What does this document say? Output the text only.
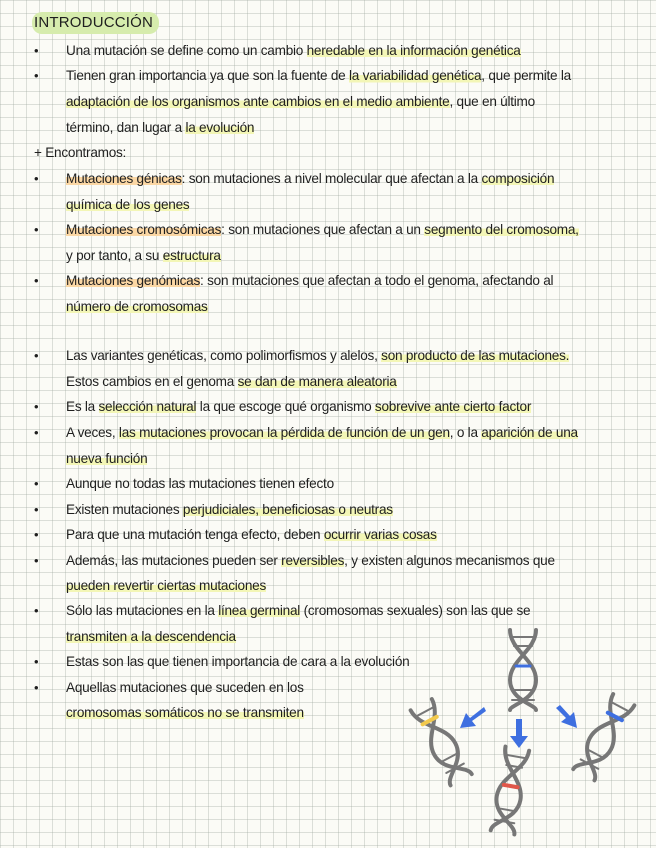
INTRODUCCIÓN
• Una mutación se define como un cambio heredable en la información genética
• Tienen gran importancia ya que son la fuente de la variabilidad genética, que permite la
adaptación de los organismos ante cambios en el medio ambiente, que en último
término, dan lugar a la evolución
+ Encontramos:
• Mutaciones génicas: son mutaciones a nivel molecular que afectan a la composición
química de los genes
• Mutaciones cromosómicas: son mutaciones que afectan a un segmento del cromosoma,
y por tanto, a su estructura
• Mutaciones genómicas: son mutaciones que afectan a todo el genoma, afectando al
número de cromosomas
• Las variantes genéticas, como polimorfismos y alelos, son producto de las mutaciones.
Estos cambios en el genoma se dan de manera aleatoria
• Es la selección natural la que escoge qué organismo sobrevive ante cierto factor
• A veces, las mutaciones provocan la pérdida de función de un gen, o la aparición de una
nueva función
• Aunque no todas las mutaciones tienen efecto
• Existen mutaciones perjudiciales, beneficiosas o neutras
• Para que una mutación tenga efecto, deben ocurrir varias cosas
• Además, las mutaciones pueden ser reversibles, y existen algunos mecanismos que
pueden revertir ciertas mutaciones
• Sólo las mutaciones en la línea germinal (cromosomas sexuales) son las que se
transmiten a la descendencia
• Estas son las que tienen importancia de cara a la evolución
• Aquellas mutaciones que suceden en los
cromosomas somáticos no se transmiten
